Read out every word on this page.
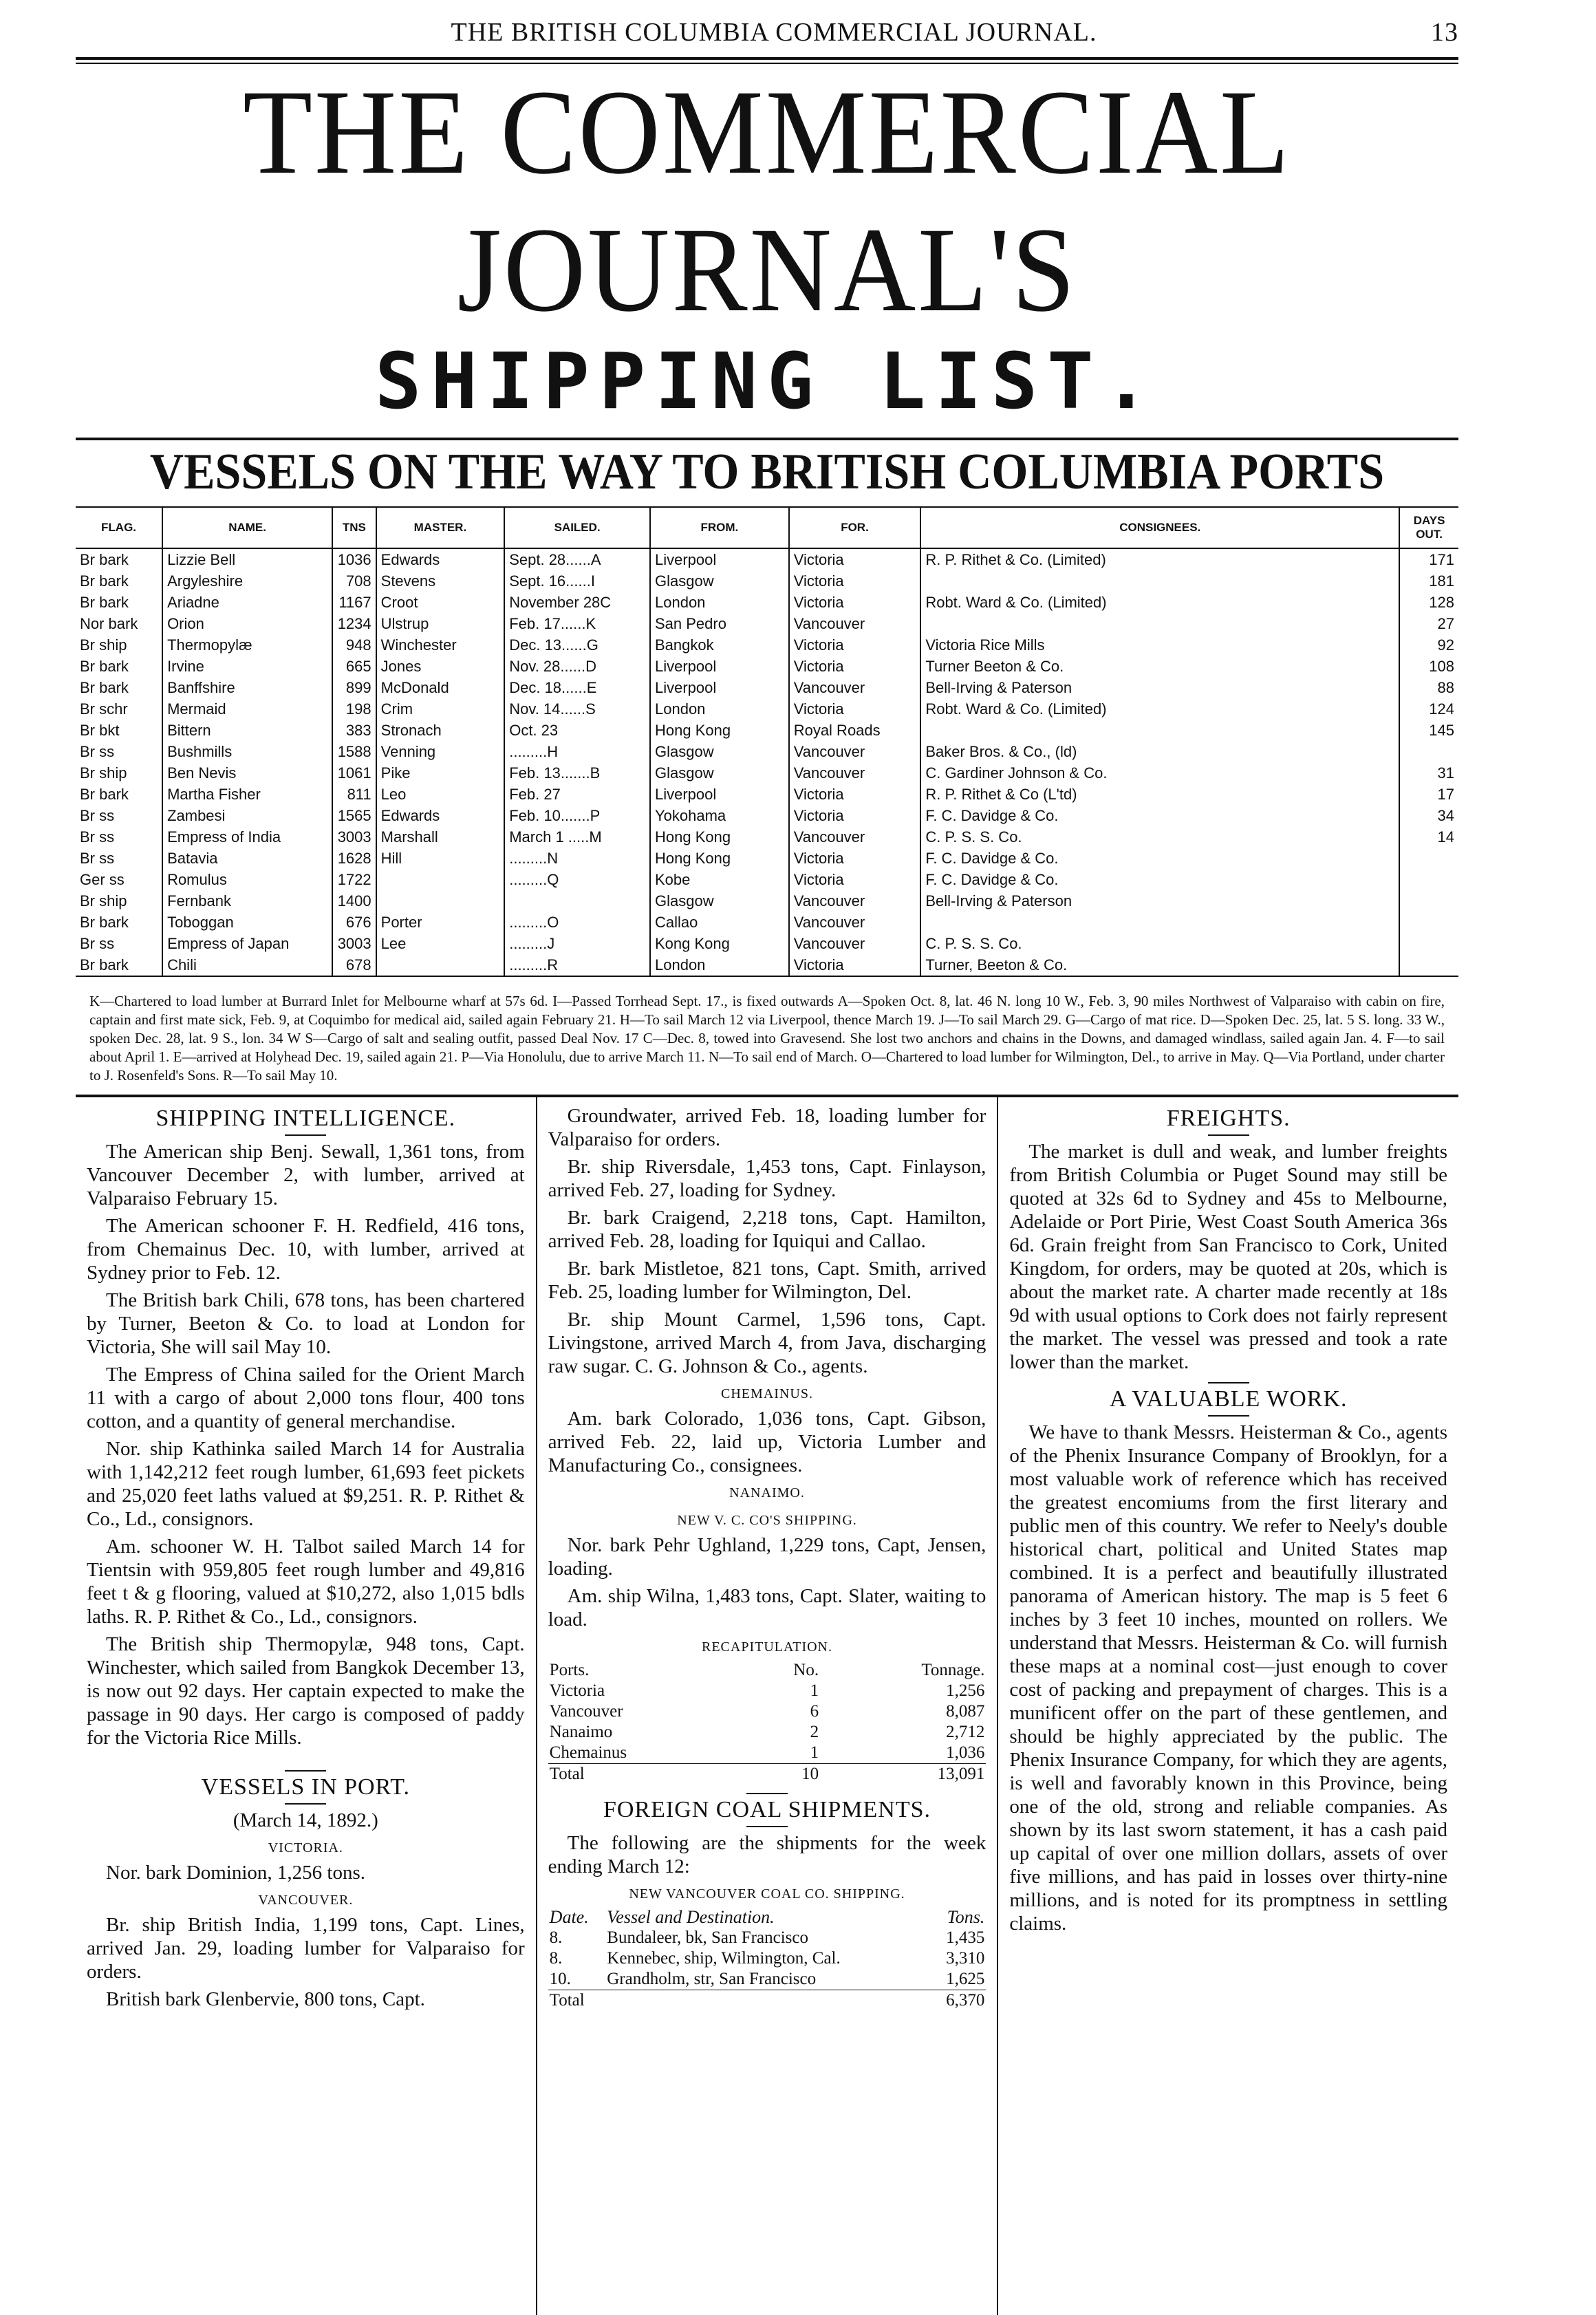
THE BRITISH COLUMBIA COMMERCIAL JOURNAL.	13
THE COMMERCIAL JOURNAL'S
SHIPPING LIST.
VESSELS ON THE WAY TO BRITISH COLUMBIA PORTS
FLAG.	NAME.	TNS	MASTER.	SAILED.	FROM.	FOR.	CONSIGNEES.	DAYS OUT.
Br bark	Lizzie Bell	1036	Edwards	Sept. 28......A	Liverpool	Victoria	R. P. Rithet & Co. (Limited)	171
Br bark	Argyleshire	708	Stevens	Sept. 16......I	Glasgow	Victoria		181
Br bark	Ariadne	1167	Croot	November 28C	London	Victoria	Robt. Ward & Co. (Limited)	128
Nor bark	Orion	1234	Ulstrup	Feb. 17......K	San Pedro	Vancouver		27
Br ship	Thermopylæ	948	Winchester	Dec. 13......G	Bangkok	Victoria	Victoria Rice Mills	92
Br bark	Irvine	665	Jones	Nov. 28......D	Liverpool	Victoria	Turner Beeton & Co.	108
Br bark	Banffshire	899	McDonald	Dec. 18......E	Liverpool	Vancouver	Bell-Irving & Paterson	88
Br schr	Mermaid	198	Crim	Nov. 14......S	London	Victoria	Robt. Ward & Co. (Limited)	124
Br bkt	Bittern	383	Stronach	Oct. 23	Hong Kong	Royal Roads		145
Br ss	Bushmills	1588	Venning	.........H	Glasgow	Vancouver	Baker Bros. & Co., (ld)	
Br ship	Ben Nevis	1061	Pike	Feb. 13.......B	Glasgow	Vancouver	C. Gardiner Johnson & Co.	31
Br bark	Martha Fisher	811	Leo	Feb. 27	Liverpool	Victoria	R. P. Rithet & Co (L'td)	17
Br ss	Zambesi	1565	Edwards	Feb. 10.......P	Yokohama	Victoria	F. C. Davidge & Co.	34
Br ss	Empress of India	3003	Marshall	March 1 .....M	Hong Kong	Vancouver	C. P. S. S. Co.	14
Br ss	Batavia	1628	Hill	.........N	Hong Kong	Victoria	F. C. Davidge & Co.	
Ger ss	Romulus	1722		.........Q	Kobe	Victoria	F. C. Davidge & Co.	
Br ship	Fernbank	1400			Glasgow	Vancouver	Bell-Irving & Paterson	
Br bark	Toboggan	676	Porter	.........O	Callao	Vancouver		
Br ss	Empress of Japan	3003	Lee	.........J	Kong Kong	Vancouver	C. P. S. S. Co.	
Br bark	Chili	678		.........R	London	Victoria	Turner, Beeton & Co.	
K—Chartered to load lumber at Burrard Inlet for Melbourne wharf at 57s 6d. I—Passed Torrhead Sept. 17., is fixed outwards A—Spoken Oct. 8, lat. 46 N. long 10 W., Feb. 3, 90 miles Northwest of Valparaiso with cabin on fire, captain and first mate sick, Feb. 9, at Coquimbo for medical aid, sailed again February 21. H—To sail March 12 via Liverpool, thence March 19. J—To sail March 29. G—Cargo of mat rice. D—Spoken Dec. 25, lat. 5 S. long. 33 W., spoken Dec. 28, lat. 9 S., lon. 34 W S—Cargo of salt and sealing outfit, passed Deal Nov. 17 C—Dec. 8, towed into Gravesend. She lost two anchors and chains in the Downs, and damaged windlass, sailed again Jan. 4. F—to sail about April 1. E—arrived at Holyhead Dec. 19, sailed again 21. P—Via Honolulu, due to arrive March 11. N—To sail end of March. O—Chartered to load lumber for Wilmington, Del., to arrive in May. Q—Via Portland, under charter to J. Rosenfeld's Sons. R—To sail May 10.
SHIPPING INTELLIGENCE.

The American ship Benj. Sewall, 1,361 tons, from Vancouver December 2, with lumber, arrived at Valparaiso February 15.

The American schooner F. H. Redfield, 416 tons, from Chemainus Dec. 10, with lumber, arrived at Sydney prior to Feb. 12.

The British bark Chili, 678 tons, has been chartered by Turner, Beeton & Co. to load at London for Victoria, She will sail May 10.

The Empress of China sailed for the Orient March 11 with a cargo of about 2,000 tons flour, 400 tons cotton, and a quantity of general merchandise.

Nor. ship Kathinka sailed March 14 for Australia with 1,142,212 feet rough lumber, 61,693 feet pickets and 25,020 feet laths valued at $9,251. R. P. Rithet & Co., Ld., consignors.

Am. schooner W. H. Talbot sailed March 14 for Tientsin with 959,805 feet rough lumber and 49,816 feet t & g flooring, valued at $10,272, also 1,015 bdls laths. R. P. Rithet & Co., Ld., consignors.

The British ship Thermopylæ, 948 tons, Capt. Winchester, which sailed from Bangkok December 13, is now out 92 days. Her captain expected to make the passage in 90 days. Her cargo is composed of paddy for the Victoria Rice Mills.

VESSELS IN PORT.
(March 14, 1892.)
VICTORIA.

Nor. bark Dominion, 1,256 tons.

VANCOUVER.

Br. ship British India, 1,199 tons, Capt. Lines, arrived Jan. 29, loading lumber for Valparaiso for orders.

British bark Glenbervie, 800 tons, Capt.

Groundwater, arrived Feb. 18, loading lumber for Valparaiso for orders.

Br. ship Riversdale, 1,453 tons, Capt. Finlayson, arrived Feb. 27, loading for Sydney.

Br. bark Craigend, 2,218 tons, Capt. Hamilton, arrived Feb. 28, loading for Iquiqui and Callao.

Br. bark Mistletoe, 821 tons, Capt. Smith, arrived Feb. 25, loading lumber for Wilmington, Del.

Br. ship Mount Carmel, 1,596 tons, Capt. Livingstone, arrived March 4, from Java, discharging raw sugar. C. G. Johnson & Co., agents.

CHEMAINUS.

Am. bark Colorado, 1,036 tons, Capt. Gibson, arrived Feb. 22, laid up, Victoria Lumber and Manufacturing Co., consignees.

NANAIMO.
NEW V. C. CO'S SHIPPING.

Nor. bark Pehr Ughland, 1,229 tons, Capt, Jensen, loading.

Am. ship Wilna, 1,483 tons, Capt. Slater, waiting to load.

RECAPITULATION.
Ports.	No.	Tonnage.
Victoria	1	1,256
Vancouver	6	8,087
Nanaimo	2	2,712
Chemainus	1	1,036
Total	10	13,091
FOREIGN COAL SHIPMENTS.

The following are the shipments for the week ending March 12:

NEW VANCOUVER COAL CO. SHIPPING.
Date.	Vessel and Destination.	Tons.
8.	Bundaleer, bk, San Francisco	1,435
8.	Kennebec, ship, Wilmington, Cal.	3,310
10.	Grandholm, str, San Francisco	1,625
Total		6,370
FREIGHTS.

The market is dull and weak, and lumber freights from British Columbia or Puget Sound may still be quoted at 32s 6d to Sydney and 45s to Melbourne, Adelaide or Port Pirie, West Coast South America 36s 6d. Grain freight from San Francisco to Cork, United Kingdom, for orders, may be quoted at 20s, which is about the market rate. A charter made recently at 18s 9d with usual options to Cork does not fairly represent the market. The vessel was pressed and took a rate lower than the market.

A VALUABLE WORK.

We have to thank Messrs. Heisterman & Co., agents of the Phenix Insurance Company of Brooklyn, for a most valuable work of reference which has received the greatest encomiums from the first literary and public men of this country. We refer to Neely's double historical chart, political and United States map combined. It is a perfect and beautifully illustrated panorama of American history. The map is 5 feet 6 inches by 3 feet 10 inches, mounted on rollers. We understand that Messrs. Heisterman & Co. will furnish these maps at a nominal cost—just enough to cover cost of packing and prepayment of charges. This is a munificent offer on the part of these gentlemen, and should be highly appreciated by the public. The Phenix Insurance Company, for which they are agents, is well and favorably known in this Province, being one of the old, strong and reliable companies. As shown by its last sworn statement, it has a cash paid up capital of over one million dollars, assets of over five millions, and has paid in losses over thirty-nine millions, and is noted for its promptness in settling claims.
